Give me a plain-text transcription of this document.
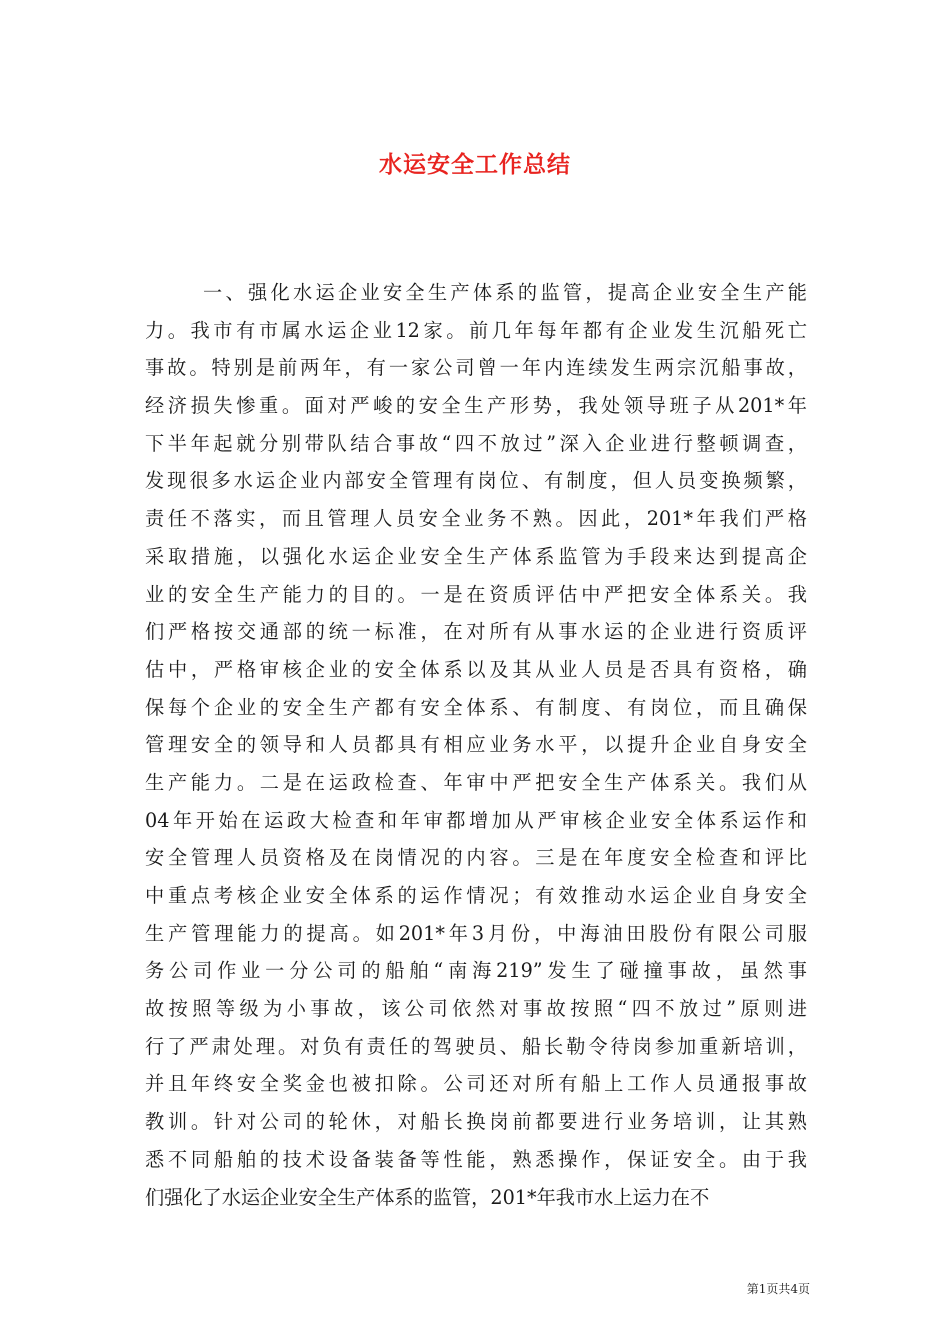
水运安全工作总结
一、强化水运企业安全生产体系的监管，提高企业安全生产能
力。我市有市属水运企业12家。前几年每年都有企业发生沉船死亡
事故。特别是前两年，有一家公司曾一年内连续发生两宗沉船事故，
经济损失惨重。面对严峻的安全生产形势，我处领导班子从201*年
下半年起就分别带队结合事故“四不放过”深入企业进行整顿调查，
发现很多水运企业内部安全管理有岗位、有制度，但人员变换频繁，
责任不落实，而且管理人员安全业务不熟。因此，201*年我们严格
采取措施，以强化水运企业安全生产体系监管为手段来达到提高企
业的安全生产能力的目的。一是在资质评估中严把安全体系关。我
们严格按交通部的统一标准，在对所有从事水运的企业进行资质评
估中，严格审核企业的安全体系以及其从业人员是否具有资格，确
保每个企业的安全生产都有安全体系、有制度、有岗位，而且确保
管理安全的领导和人员都具有相应业务水平，以提升企业自身安全
生产能力。二是在运政检查、年审中严把安全生产体系关。我们从
04年开始在运政大检查和年审都增加从严审核企业安全体系运作和
安全管理人员资格及在岗情况的内容。三是在年度安全检查和评比
中重点考核企业安全体系的运作情况；有效推动水运企业自身安全
生产管理能力的提高。如201*年3月份，中海油田股份有限公司服
务公司作业一分公司的船舶“南海219”发生了碰撞事故，虽然事
故按照等级为小事故，该公司依然对事故按照“四不放过”原则进
行了严肃处理。对负有责任的驾驶员、船长勒令待岗参加重新培训，
并且年终安全奖金也被扣除。公司还对所有船上工作人员通报事故
教训。针对公司的轮休，对船长换岗前都要进行业务培训，让其熟
悉不同船舶的技术设备装备等性能，熟悉操作，保证安全。由于我
们强化了水运企业安全生产体系的监管，201*年我市水上运力在不
第1页共4页
